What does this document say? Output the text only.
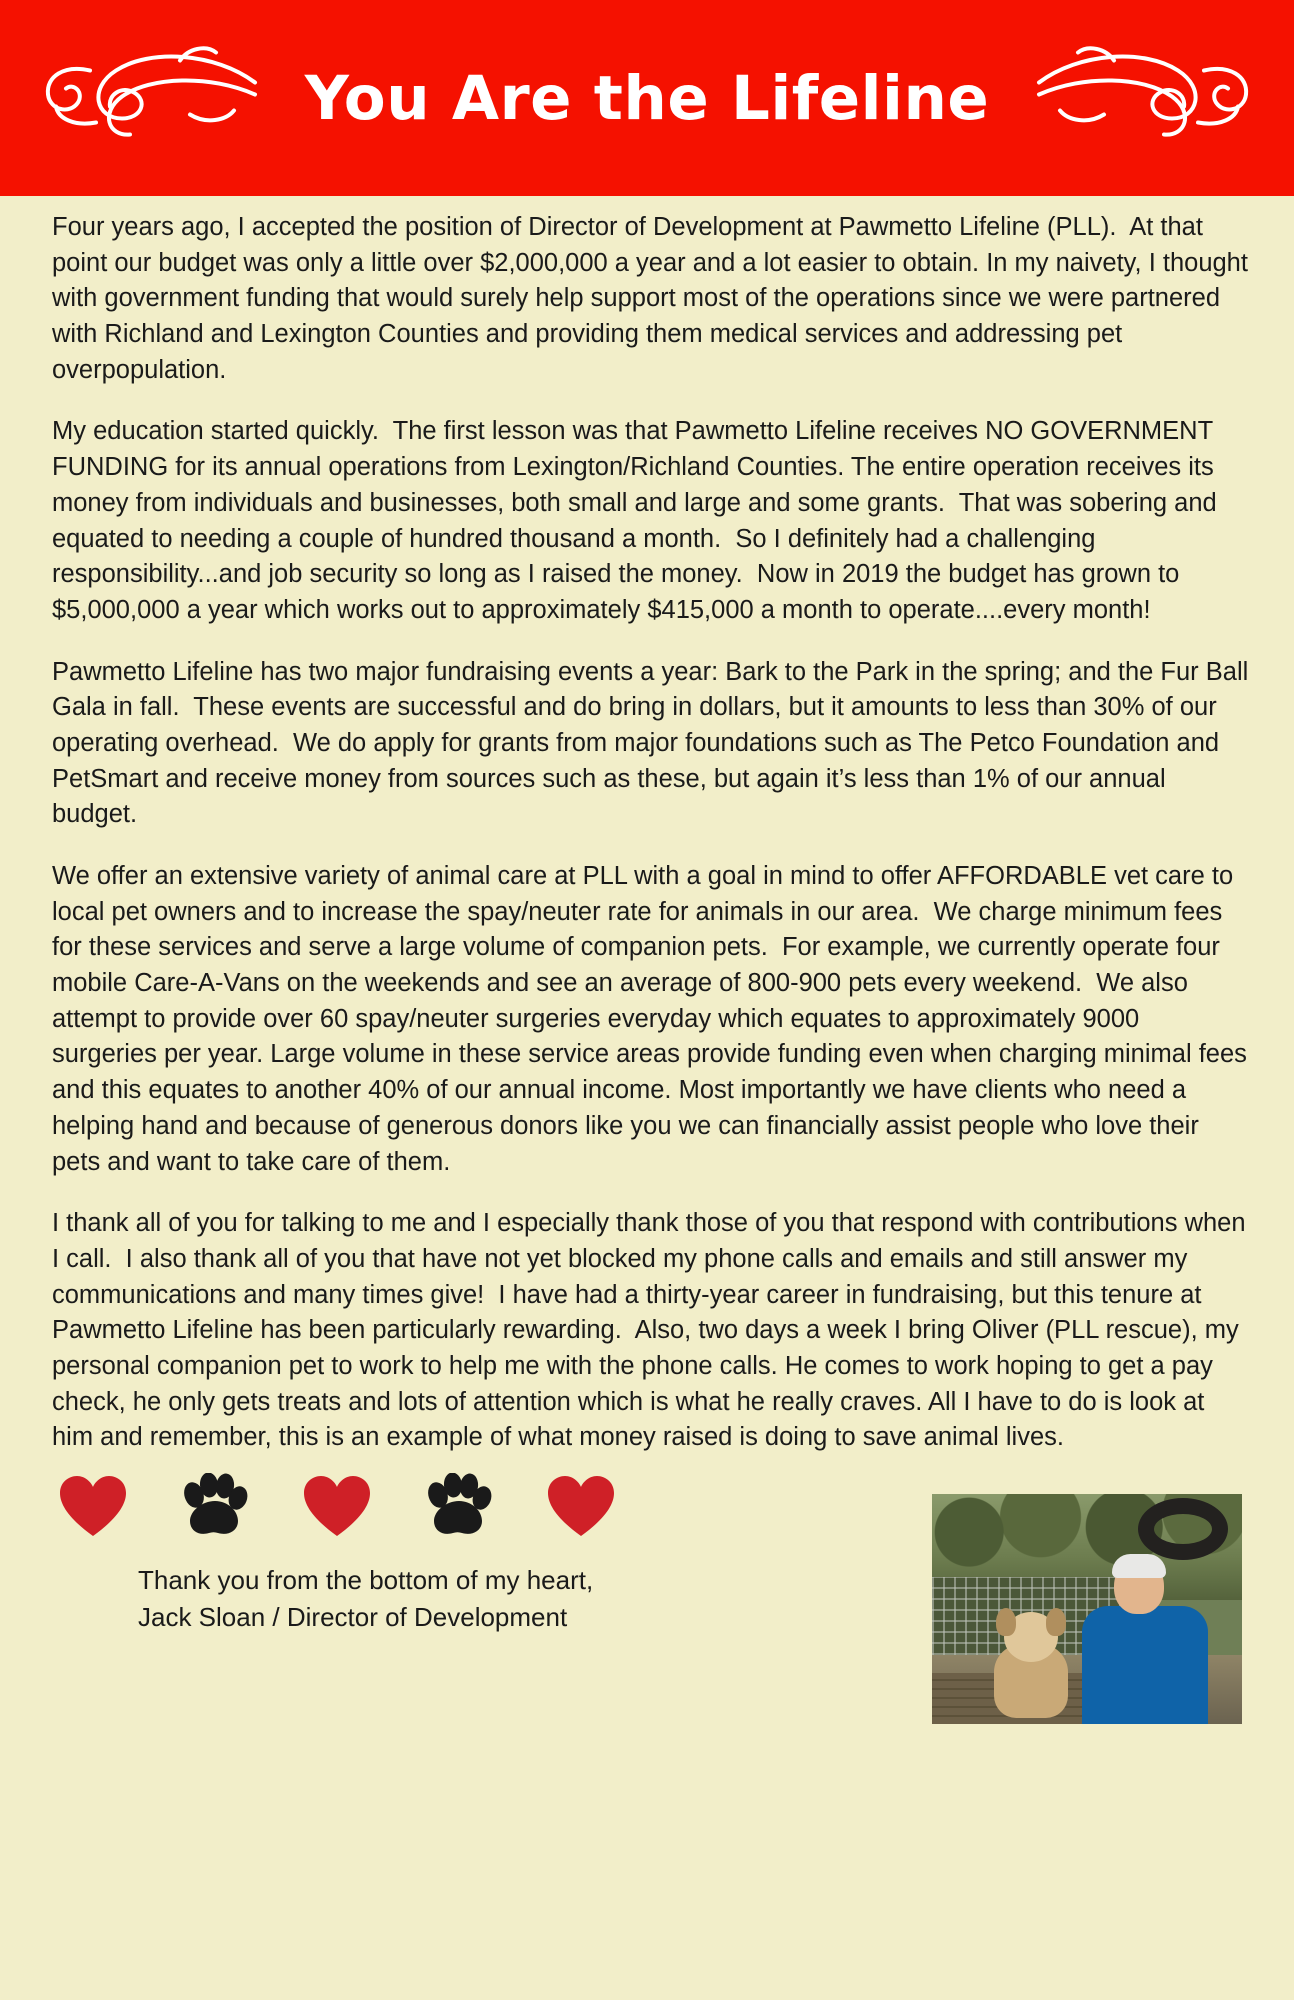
You Are the Lifeline

Four years ago, I accepted the position of Director of Development at Pawmetto Lifeline (PLL).  At that point our budget was only a little over $2,000,000 a year and a lot easier to obtain. In my naivety, I thought with government funding that would surely help support most of the operations since we were partnered with Richland and Lexington Counties and providing them medical services and addressing pet overpopulation.

My education started quickly.  The first lesson was that Pawmetto Lifeline receives NO GOVERNMENT FUNDING for its annual operations from Lexington/Richland Counties. The entire operation receives its money from individuals and businesses, both small and large and some grants.  That was sobering and equated to needing a couple of hundred thousand a month.  So I definitely had a challenging responsibility...and job security so long as I raised the money.  Now in 2019 the budget has grown to $5,000,000 a year which works out to approximately $415,000 a month to operate....every month!

Pawmetto Lifeline has two major fundraising events a year: Bark to the Park in the spring; and the Fur Ball Gala in fall.  These events are successful and do bring in dollars, but it amounts to less than 30% of our operating overhead.  We do apply for grants from major foundations such as The Petco Foundation and PetSmart and receive money from sources such as these, but again it’s less than 1% of our annual budget.

We offer an extensive variety of animal care at PLL with a goal in mind to offer AFFORDABLE vet care to local pet owners and to increase the spay/neuter rate for animals in our area.  We charge minimum fees for these services and serve a large volume of companion pets.  For example, we currently operate four mobile Care-A-Vans on the weekends and see an average of 800-900 pets every weekend.  We also attempt to provide over 60 spay/neuter surgeries everyday which equates to approximately 9000 surgeries per year. Large volume in these service areas provide funding even when charging minimal fees and this equates to another 40% of our annual income. Most importantly we have clients who need a helping hand and because of generous donors like you we can financially assist people who love their pets and want to take care of them.

I thank all of you for talking to me and I especially thank those of you that respond with contributions when I call.  I also thank all of you that have not yet blocked my phone calls and emails and still answer my communications and many times give!  I have had a thirty-year career in fundraising, but this tenure at Pawmetto Lifeline has been particularly rewarding.  Also, two days a week I bring Oliver (PLL rescue), my personal companion pet to work to help me with the phone calls. He comes to work hoping to get a pay check, he only gets treats and lots of attention which is what he really craves. All I have to do is look at him and remember, this is an example of what money raised is doing to save animal lives.

Thank you from the bottom of my heart,
Jack Sloan / Director of Development
